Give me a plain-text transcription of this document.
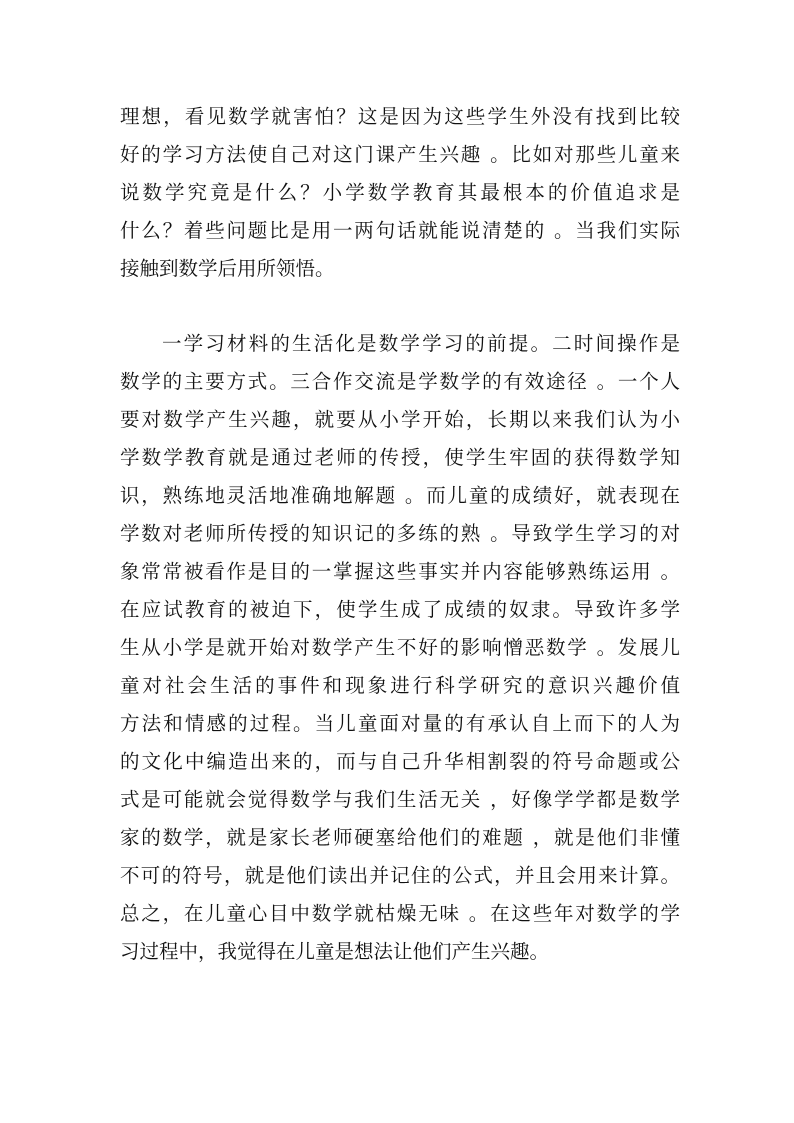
理想，看见数学就害怕？这是因为这些学生外没有找到比较
好的学习方法使自己对这门课产生兴趣 。比如对那些儿童来
说数学究竟是什么？小学数学教育其最根本的价值追求是
什么？着些问题比是用一两句话就能说清楚的 。当我们实际
接触到数学后用所领悟。
一学习材料的生活化是数学学习的前提。二时间操作是
数学的主要方式。三合作交流是学数学的有效途径 。一个人
要对数学产生兴趣，就要从小学开始，长期以来我们认为小
学数学教育就是通过老师的传授，使学生牢固的获得数学知
识，熟练地灵活地准确地解题 。而儿童的成绩好，就表现在
学数对老师所传授的知识记的多练的熟 。导致学生学习的对
象常常被看作是目的一掌握这些事实并内容能够熟练运用 。
在应试教育的被迫下，使学生成了成绩的奴隶。导致许多学
生从小学是就开始对数学产生不好的影响憎恶数学 。发展儿
童对社会生活的事件和现象进行科学研究的意识兴趣价值
方法和情感的过程。当儿童面对量的有承认自上而下的人为
的文化中编造出来的，而与自己升华相割裂的符号命题或公
式是可能就会觉得数学与我们生活无关 ，好像学学都是数学
家的数学，就是家长老师硬塞给他们的难题 ，就是他们非懂
不可的符号，就是他们读出并记住的公式，并且会用来计算。
总之，在儿童心目中数学就枯燥无味 。在这些年对数学的学
习过程中，我觉得在儿童是想法让他们产生兴趣。
